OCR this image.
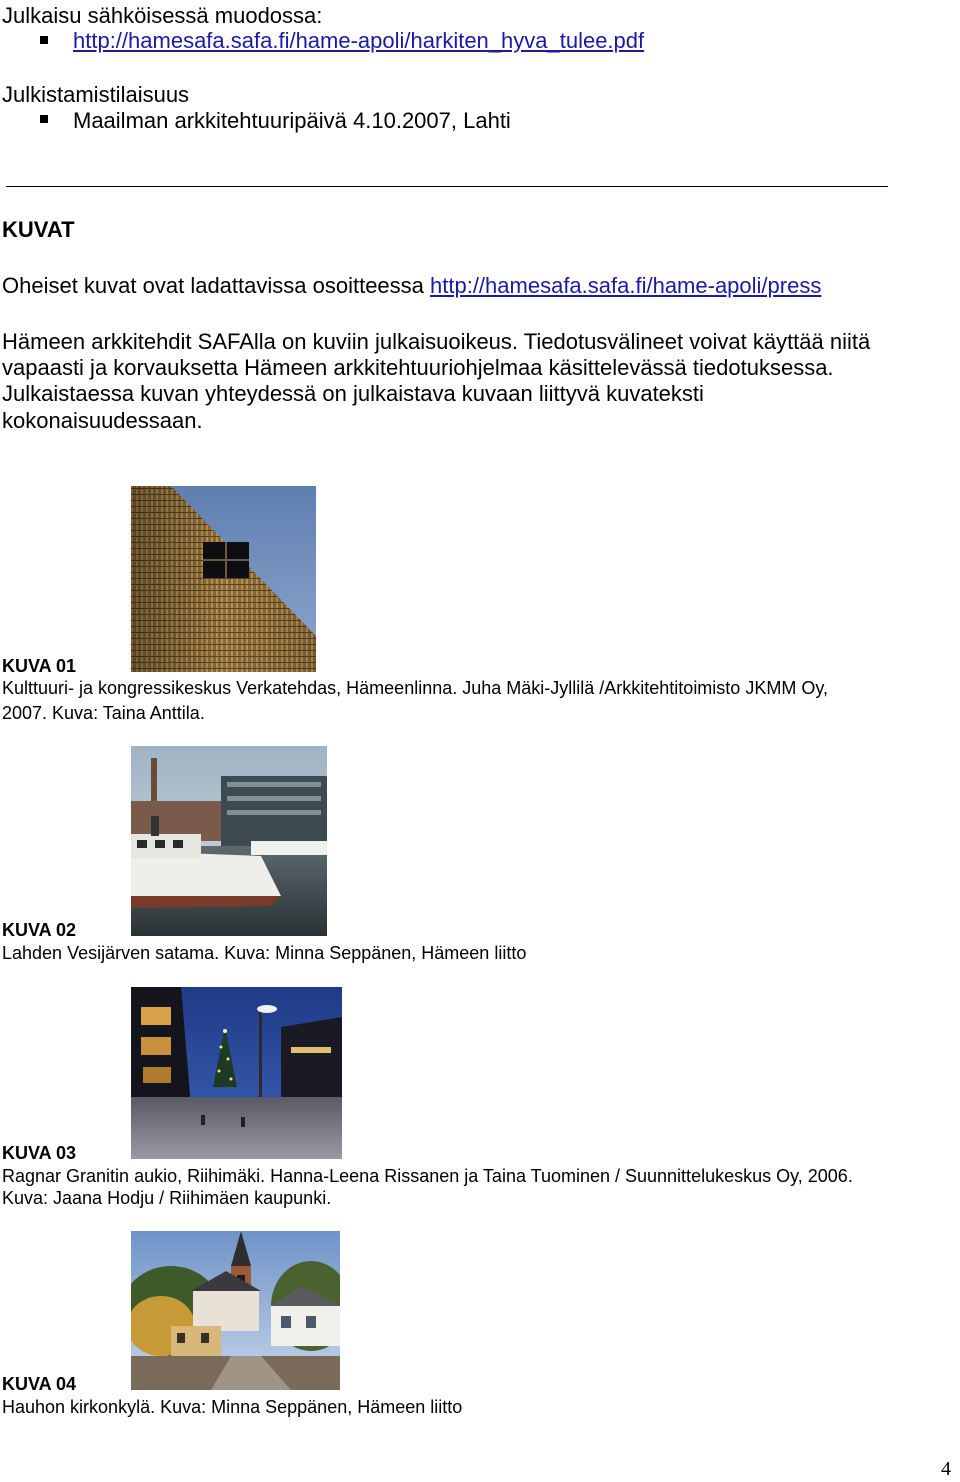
Julkaisu sähköisessä muodossa:
http://hamesafa.safa.fi/hame-apoli/harkiten_hyva_tulee.pdf
Julkistamistilaisuus
Maailman arkkitehtuuripäivä 4.10.2007, Lahti
KUVAT
Oheiset kuvat ovat ladattavissa osoitteessa http://hamesafa.safa.fi/hame-apoli/press
Hämeen arkkitehdit SAFAlla on kuviin julkaisuoikeus. Tiedotusvälineet voivat käyttää niitä
vapaasti ja korvauksetta Hämeen arkkitehtuuriohjelmaa käsittelevässä tiedotuksessa.
Julkaistaessa kuvan yhteydessä on julkaistava kuvaan liittyvä kuvateksti
kokonaisuudessaan.
KUVA 01
Kulttuuri- ja kongressikeskus Verkatehdas, Hämeenlinna. Juha Mäki-Jyllilä /Arkkitehtitoimisto JKMM Oy,
2007. Kuva: Taina Anttila.
KUVA 02
Lahden Vesijärven satama. Kuva: Minna Seppänen, Hämeen liitto
KUVA 03
Ragnar Granitin aukio, Riihimäki. Hanna-Leena Rissanen ja Taina Tuominen / Suunnittelukeskus Oy, 2006.
Kuva: Jaana Hodju / Riihimäen kaupunki.
KUVA 04
Hauhon kirkonkylä. Kuva: Minna Seppänen, Hämeen liitto
4
